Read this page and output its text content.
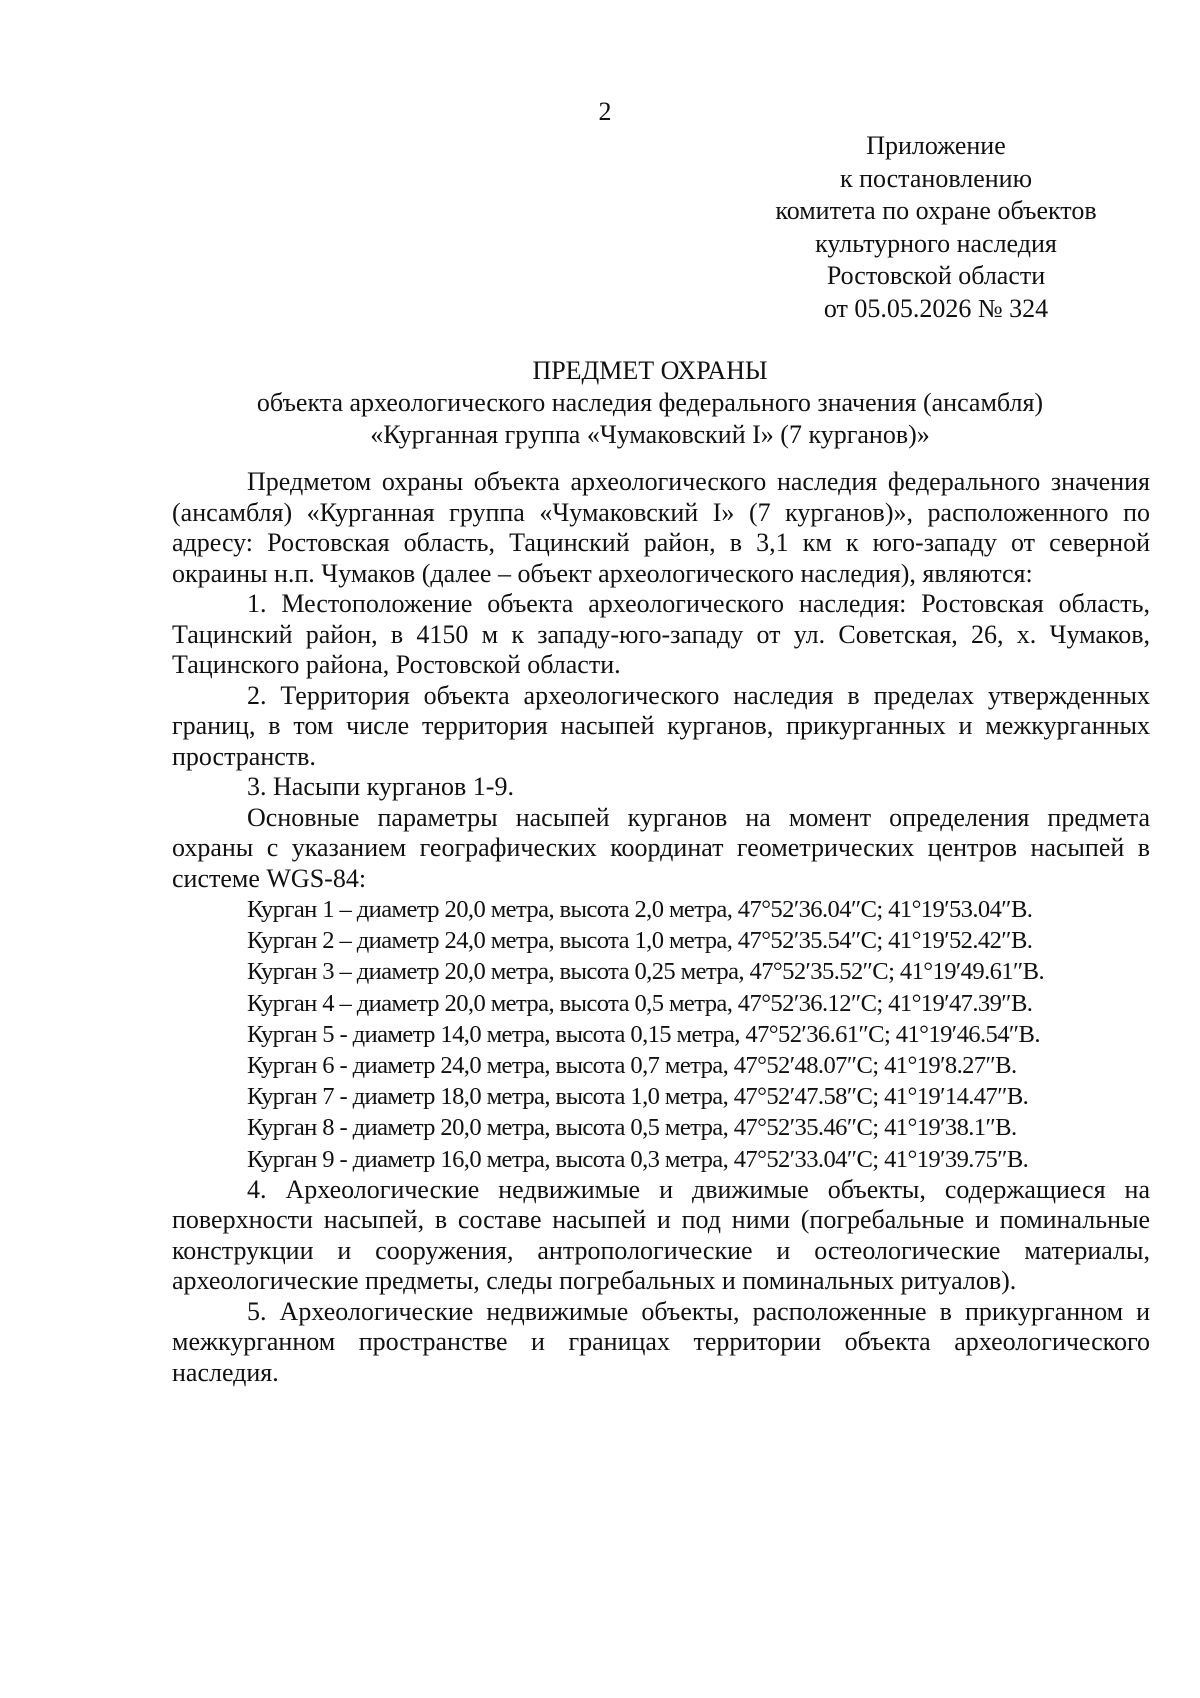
2
Приложение
к постановлению
комитета по охране объектов
культурного наследия
Ростовской области
от 05.05.2026 № 324
ПРЕДМЕТ ОХРАНЫ
объекта археологического наследия федерального значения (ансамбля)
«Курганная группа «Чумаковский I» (7 курганов)»

Предметом охраны объекта археологического наследия федерального значения (ансамбля) «Курганная группа «Чумаковский I» (7 курганов)», расположенного по адресу: Ростовская область, Тацинский район, в 3,1 км к юго-западу от северной окраины н.п. Чумаков (далее – объект археологического наследия), являются:

1. Местоположение объекта археологического наследия: Ростовская область, Тацинский район, в 4150 м к западу-юго-западу от ул. Советская, 26, х. Чумаков, Тацинского района, Ростовской области.

2. Территория объекта археологического наследия в пределах утвержденных границ, в том числе территория насыпей курганов, прикурганных и межкурганных пространств.

3. Насыпи курганов 1-9.

Основные параметры насыпей курганов на момент определения предмета охраны с указанием географических координат геометрических центров насыпей в системе WGS-84:

Курган 1 – диаметр 20,0 метра, высота 2,0 метра, 47°52′36.04″С; 41°19′53.04″В.
Курган 2 – диаметр 24,0 метра, высота 1,0 метра, 47°52′35.54″С; 41°19′52.42″В.
Курган 3 – диаметр 20,0 метра, высота 0,25 метра, 47°52′35.52″С; 41°19′49.61″В.
Курган 4 – диаметр 20,0 метра, высота 0,5 метра, 47°52′36.12″С; 41°19′47.39″В.
Курган 5 - диаметр 14,0 метра, высота 0,15 метра, 47°52′36.61″С; 41°19′46.54″В.
Курган 6 - диаметр 24,0 метра, высота 0,7 метра, 47°52′48.07″С; 41°19′8.27″В.
Курган 7 - диаметр 18,0 метра, высота 1,0 метра, 47°52′47.58″С; 41°19′14.47″В.
Курган 8 - диаметр 20,0 метра, высота 0,5 метра, 47°52′35.46″С; 41°19′38.1″В.
Курган 9 - диаметр 16,0 метра, высота 0,3 метра, 47°52′33.04″С; 41°19′39.75″В.

4. Археологические недвижимые и движимые объекты, содержащиеся на поверхности насыпей, в составе насыпей и под ними (погребальные и поминальные конструкции и сооружения, антропологические и остеологические материалы, археологические предметы, следы погребальных и поминальных ритуалов).

5. Археологические недвижимые объекты, расположенные в прикурганном и межкурганном пространстве и границах территории объекта археологического наследия.
